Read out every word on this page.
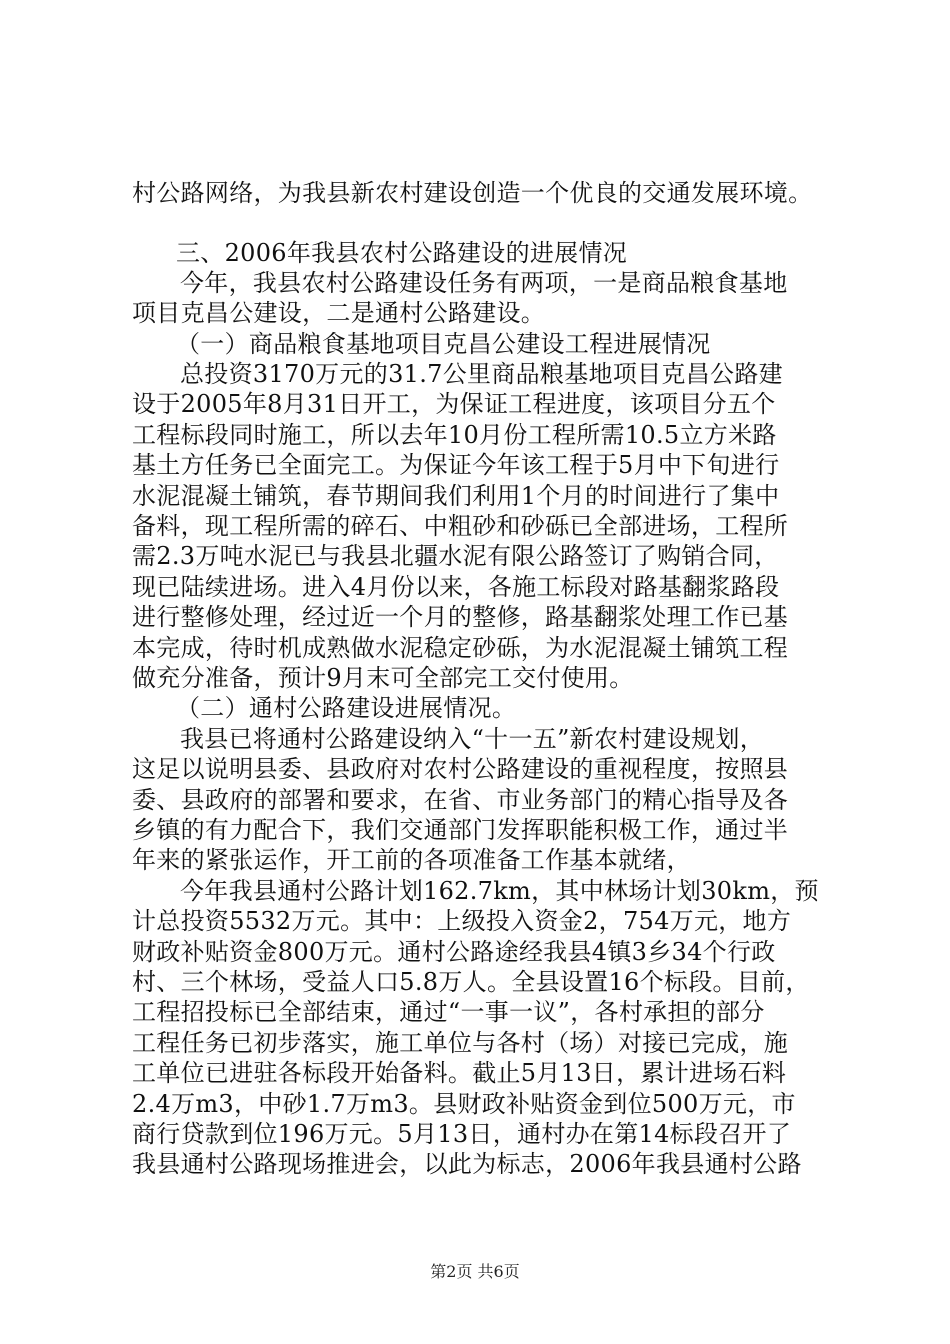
村公路网络，为我县新农村建设创造一个优良的交通发展环境。
三、2006年我县农村公路建设的进展情况
今年，我县农村公路建设任务有两项，一是商品粮食基地
项目克昌公建设，二是通村公路建设。
（一）商品粮食基地项目克昌公建设工程进展情况
总投资3170万元的31.7公里商品粮基地项目克昌公路建
设于2005年8月31日开工，为保证工程进度，该项目分五个
工程标段同时施工，所以去年10月份工程所需10.5立方米路
基土方任务已全面完工。为保证今年该工程于5月中下旬进行
水泥混凝土铺筑，春节期间我们利用1个月的时间进行了集中
备料，现工程所需的碎石、中粗砂和砂砾已全部进场，工程所
需2.3万吨水泥已与我县北疆水泥有限公路签订了购销合同，
现已陆续进场。进入4月份以来，各施工标段对路基翻浆路段
进行整修处理，经过近一个月的整修，路基翻浆处理工作已基
本完成，待时机成熟做水泥稳定砂砾，为水泥混凝土铺筑工程
做充分准备，预计9月末可全部完工交付使用。
（二）通村公路建设进展情况。
我县已将通村公路建设纳入“十一五”新农村建设规划，
这足以说明县委、县政府对农村公路建设的重视程度，按照县
委、县政府的部署和要求，在省、市业务部门的精心指导及各
乡镇的有力配合下，我们交通部门发挥职能积极工作，通过半
年来的紧张运作，开工前的各项准备工作基本就绪，
今年我县通村公路计划162.7km，其中林场计划30km，预
计总投资5532万元。其中：上级投入资金2，754万元，地方
财政补贴资金800万元。通村公路途经我县4镇3乡34个行政
村、三个林场，受益人口5.8万人。全县设置16个标段。目前，
工程招投标已全部结束，通过“一事一议”，各村承担的部分
工程任务已初步落实，施工单位与各村（场）对接已完成，施
工单位已进驻各标段开始备料。截止5月13日，累计进场石料
2.4万m3，中砂1.7万m3。县财政补贴资金到位500万元，市
商行贷款到位196万元。5月13日，通村办在第14标段召开了
我县通村公路现场推进会，以此为标志，2006年我县通村公路
第2页 共6页
